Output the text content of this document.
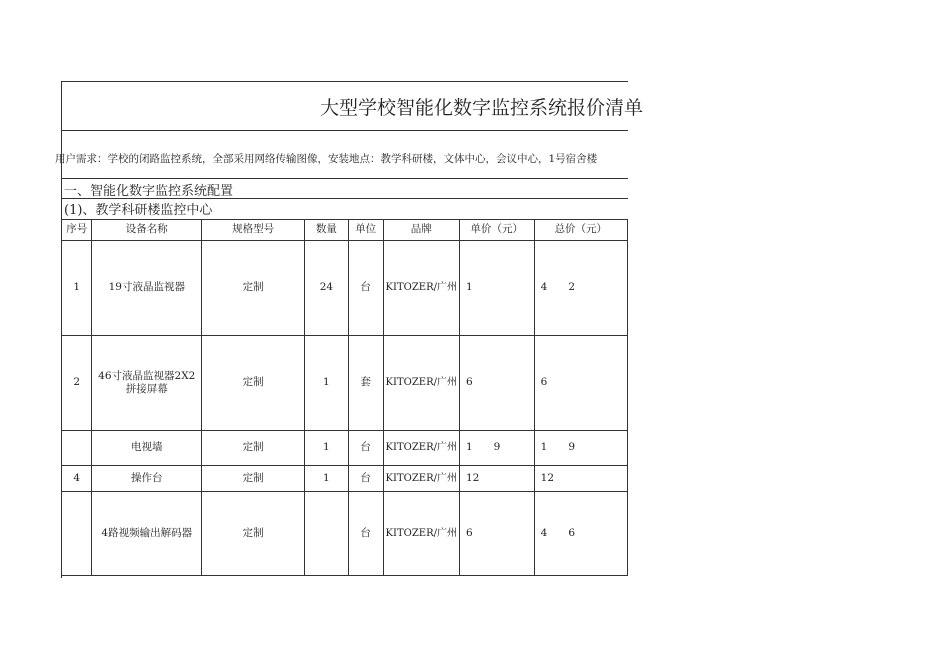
大型学校智能化数字监控系统报价清单
用户需求：学校的闭路监控系统，全部采用网络传输图像，安装地点：教学科研楼，文体中心，会议中心，1号宿舍楼
一、智能化数字监控系统配置
(1)、教学科研楼监控中心
序号	设备名称	规格型号	数量	单位	品牌	单价（元）	总价（元）
1	19寸液晶监视器	定制	24	台	KITOZER/广州	1	4　　2
2	46寸液晶监视器2X2拼接屏幕	定制	1	套	KITOZER/广州	6	6
	电视墙	定制	1	台	KITOZER/广州	1　　9	1　　9
4	操作台	定制	1	台	KITOZER/广州	12	12
	4路视频输出解码器	定制		台	KITOZER/广州	6	4　　6
